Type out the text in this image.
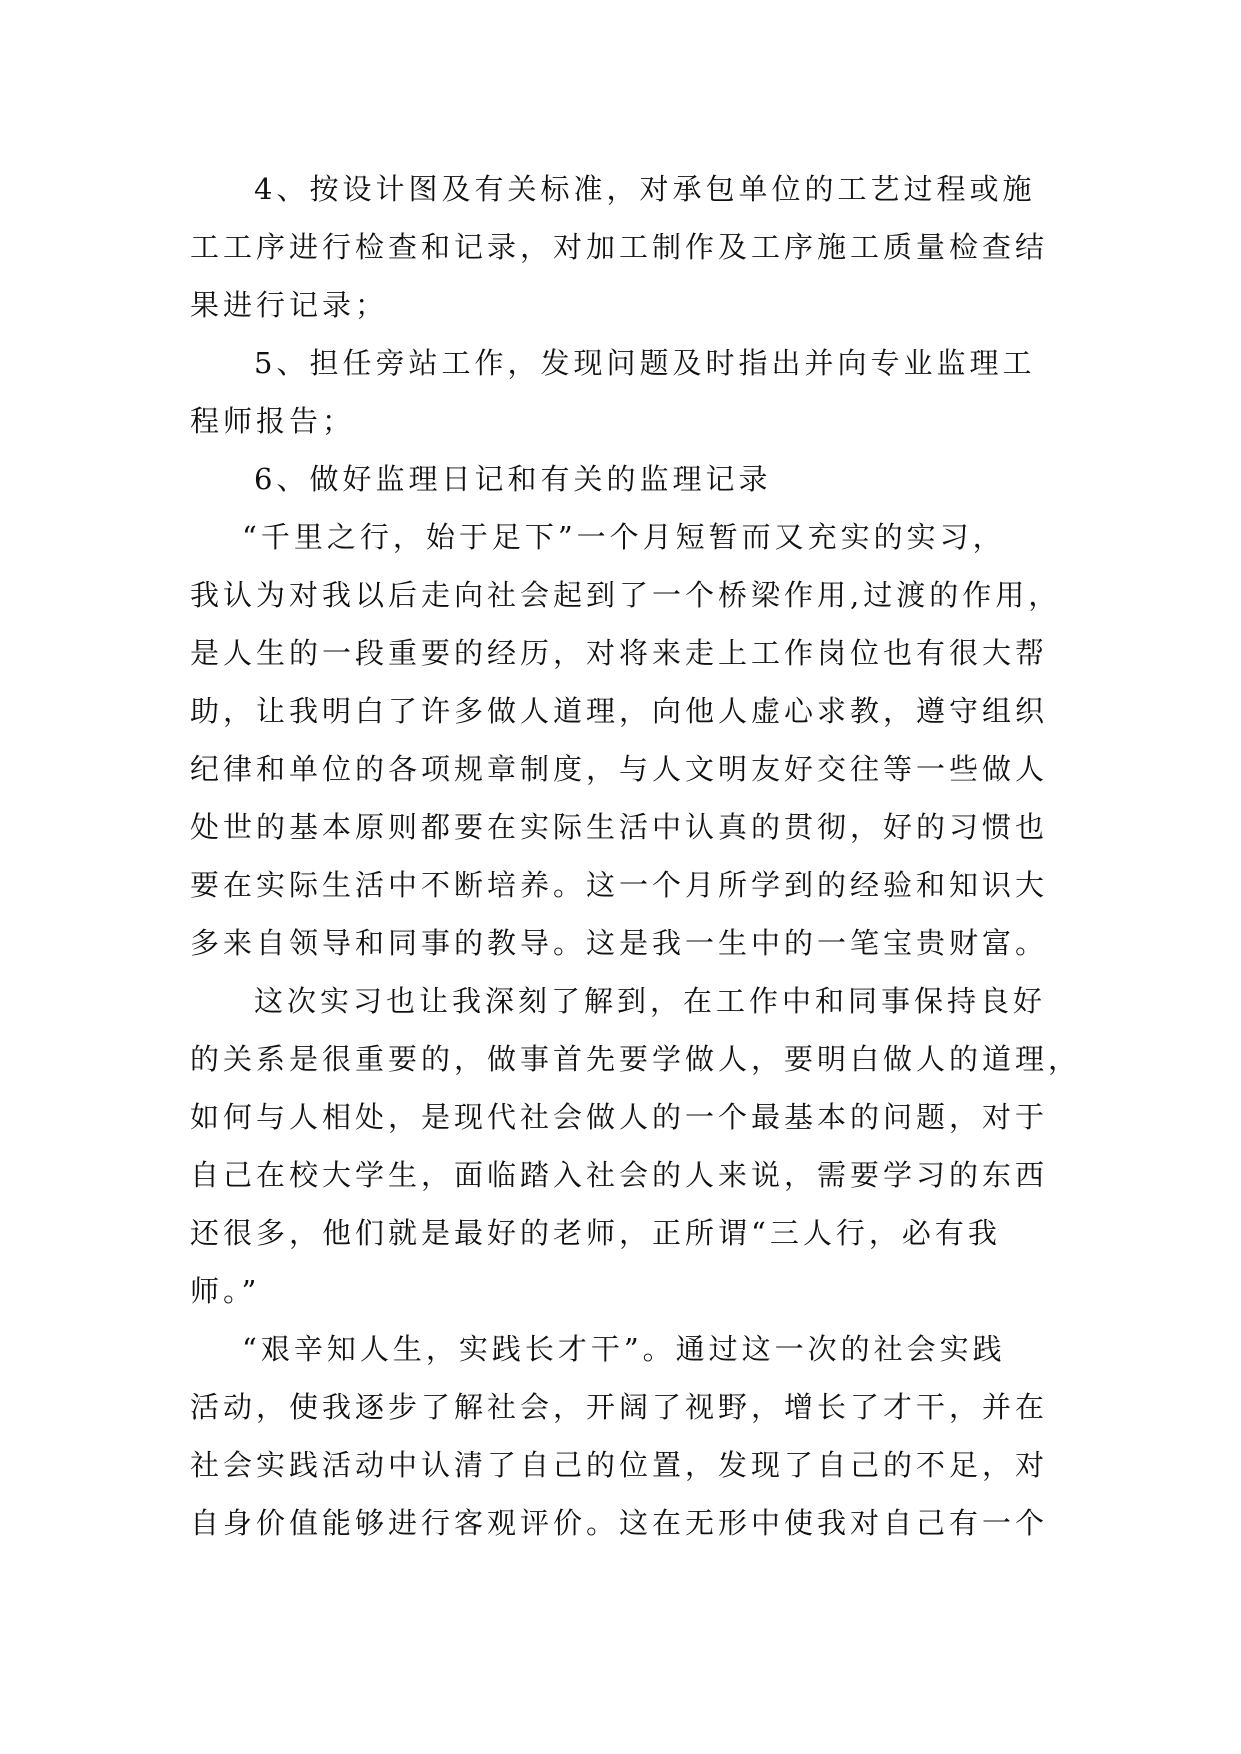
4、按设计图及有关标准，对承包单位的工艺过程或施
工工序进行检查和记录，对加工制作及工序施工质量检查结
果进行记录；
5、担任旁站工作，发现问题及时指出并向专业监理工
程师报告；
6、做好监理日记和有关的监理记录
“千里之行，始于足下”一个月短暂而又充实的实习，
我认为对我以后走向社会起到了一个桥梁作用,过渡的作用，
是人生的一段重要的经历，对将来走上工作岗位也有很大帮
助，让我明白了许多做人道理，向他人虚心求教，遵守组织
纪律和单位的各项规章制度，与人文明友好交往等一些做人
处世的基本原则都要在实际生活中认真的贯彻，好的习惯也
要在实际生活中不断培养。这一个月所学到的经验和知识大
多来自领导和同事的教导。这是我一生中的一笔宝贵财富。
这次实习也让我深刻了解到，在工作中和同事保持良好
的关系是很重要的，做事首先要学做人，要明白做人的道理，
如何与人相处，是现代社会做人的一个最基本的问题，对于
自己在校大学生，面临踏入社会的人来说，需要学习的东西
还很多，他们就是最好的老师，正所谓“三人行，必有我
师。”
“艰辛知人生，实践长才干”。通过这一次的社会实践
活动，使我逐步了解社会，开阔了视野，增长了才干，并在
社会实践活动中认清了自己的位置，发现了自己的不足，对
自身价值能够进行客观评价。这在无形中使我对自己有一个
